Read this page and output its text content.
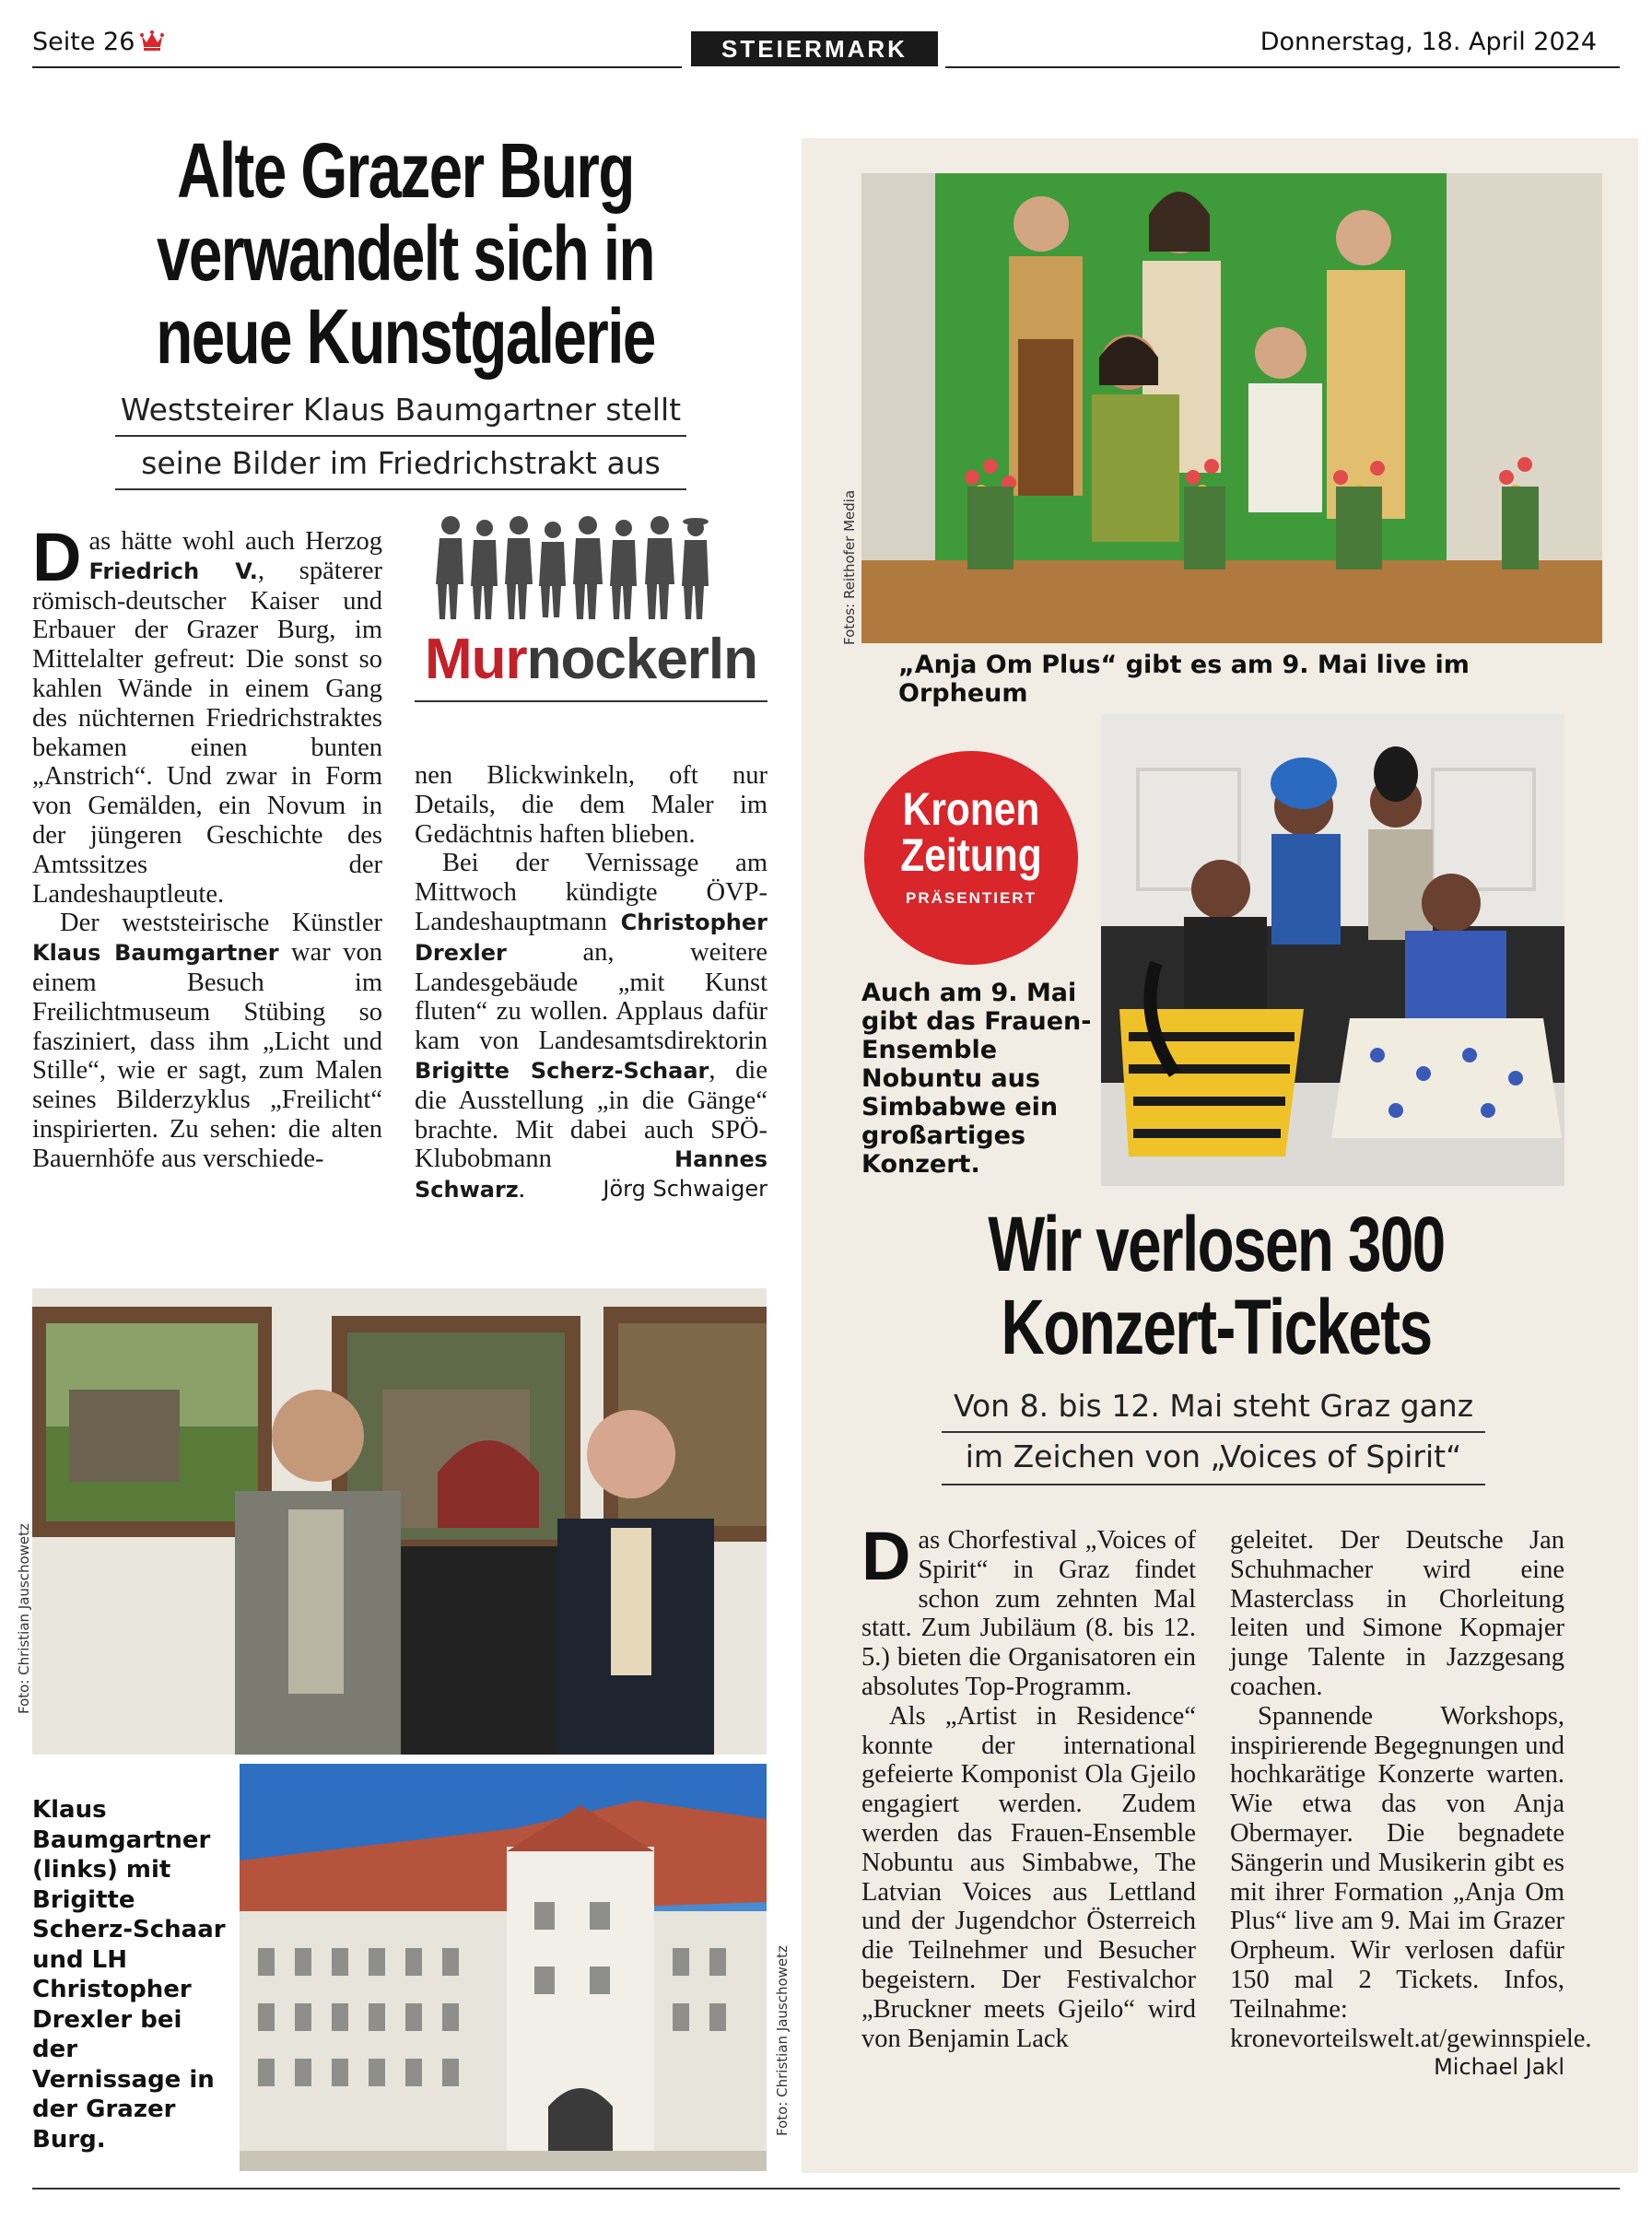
Seite 26	STEIERMARK	Donnerstag, 18. April 2024
Alte Grazer Burg
verwandelt sich in
neue Kunstgalerie
Weststeirer Klaus Baumgartner stellt
seine Bilder im Friedrichstrakt aus
Murnockerln
Das hätte wohl auch Herzog Friedrich V., späterer römisch-deutscher Kaiser und Erbauer der Grazer Burg, im Mittelalter gefreut: Die sonst so kahlen Wände in einem Gang des nüchternen Friedrichstraktes bekamen einen bunten „Anstrich“. Und zwar in Form von Gemälden, ein Novum in der jüngeren Geschichte des Amtssitzes der Landeshauptleute.
Der weststeirische Künstler Klaus Baumgartner war von einem Besuch im Freilichtmuseum Stübing so fasziniert, dass ihm „Licht und Stille“, wie er sagt, zum Malen seines Bilderzyklus „Freilicht“ inspirierten. Zu sehen: die alten Bauernhöfe aus verschiede-
nen Blickwinkeln, oft nur Details, die dem Maler im Gedächtnis haften blieben.
Bei der Vernissage am Mittwoch kündigte ÖVP-Landeshauptmann Christopher Drexler an, weitere Landesgebäude „mit Kunst fluten“ zu wollen. Applaus dafür kam von Landesamtsdirektorin Brigitte Scherz-Schaar, die die Ausstellung „in die Gänge“ brachte. Mit dabei auch SPÖ-Klubobmann Hannes Schwarz.	Jörg Schwaiger
Foto: Christian Jauschowetz
Klaus Baumgartner (links) mit Brigitte Scherz-Schaar und LH Christopher Drexler bei der Vernissage in der Grazer Burg.
Foto: Christian Jauschowetz
Fotos: Reithofer Media
„Anja Om Plus“ gibt es am 9. Mai live im Orpheum
Kronen
Zeitung
PRÄSENTIERT
Auch am 9. Mai gibt das Frauen-Ensemble Nobuntu aus Simbabwe ein großartiges Konzert.
Wir verlosen 300
Konzert-Tickets
Von 8. bis 12. Mai steht Graz ganz
im Zeichen von „Voices of Spirit“
Das Chorfestival „Voices of Spirit“ in Graz findet schon zum zehnten Mal statt. Zum Jubiläum (8. bis 12. 5.) bieten die Organisatoren ein absolutes Top-Programm.
Als „Artist in Residence“ konnte der international gefeierte Komponist Ola Gjeilo engagiert werden. Zudem werden das Frauen-Ensemble Nobuntu aus Simbabwe, The Latvian Voices aus Lettland und der Jugendchor Österreich die Teilnehmer und Besucher begeistern. Der Festivalchor „Bruckner meets Gjeilo“ wird von Benjamin Lack
geleitet. Der Deutsche Jan Schuhmacher wird eine Masterclass in Chorleitung leiten und Simone Kopmajer junge Talente in Jazzgesang coachen.
Spannende Workshops, inspirierende Begegnungen und hochkarätige Konzerte warten. Wie etwa das von Anja Obermayer. Die begnadete Sängerin und Musikerin gibt es mit ihrer Formation „Anja Om Plus“ live am 9. Mai im Grazer Orpheum. Wir verlosen dafür 150 mal 2 Tickets. Infos, Teilnahme: kronevorteilswelt.at/gewinnspiele.
Michael Jakl
